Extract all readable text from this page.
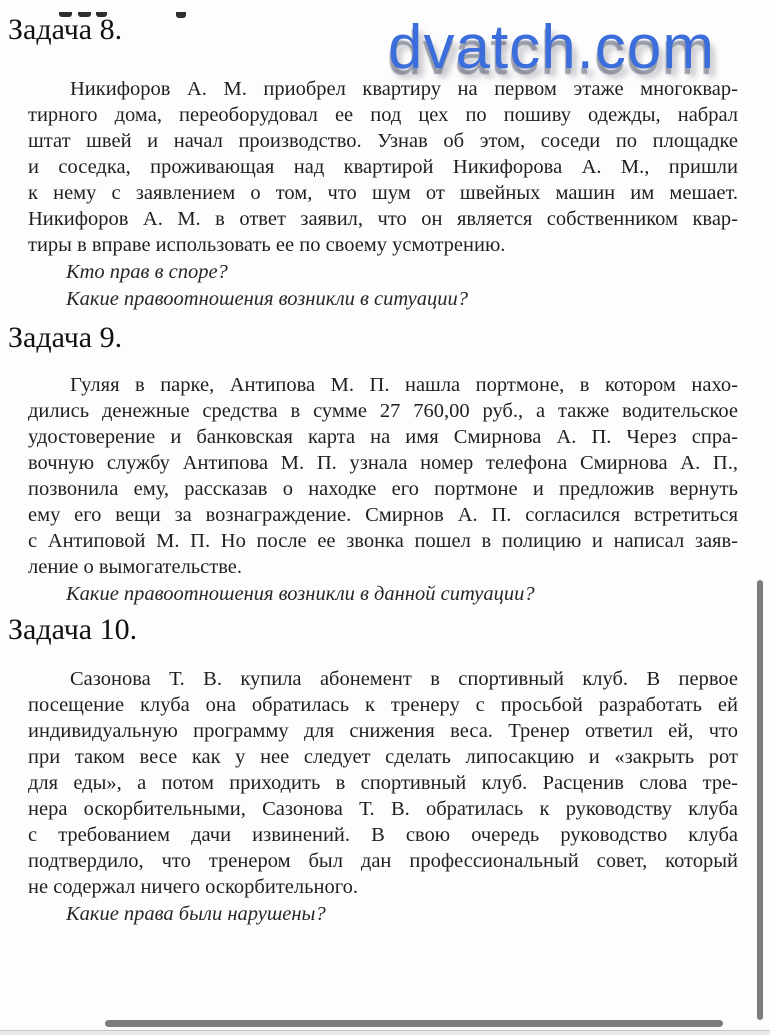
dvatch.com
Задача 8.
Никифоров А. М. приобрел квартиру на первом этаже многоквар-
тирного дома, переоборудовал ее под цех по пошиву одежды, набрал
штат швей и начал производство. Узнав об этом, соседи по площадке
и соседка, проживающая над квартирой Никифорова А. М., пришли
к нему с заявлением о том, что шум от швейных машин им мешает.
Никифоров А. М. в ответ заявил, что он является собственником квар-
тиры в вправе использовать ее по своему усмотрению.
Кто прав в споре?
Какие правоотношения возникли в ситуации?
Задача 9.
Гуляя в парке, Антипова М. П. нашла портмоне, в котором нахо-
дились денежные средства в сумме 27 760,00 руб., а также водительское
удостоверение и банковская карта на имя Смирнова А. П. Через спра-
вочную службу Антипова М. П. узнала номер телефона Смирнова А. П.,
позвонила ему, рассказав о находке его портмоне и предложив вернуть
ему его вещи за вознаграждение. Смирнов А. П. согласился встретиться
с Антиповой М. П. Но после ее звонка пошел в полицию и написал заяв-
ление о вымогательстве.
Какие правоотношения возникли в данной ситуации?
Задача 10.
Сазонова Т. В. купила абонемент в спортивный клуб. В первое
посещение клуба она обратилась к тренеру с просьбой разработать ей
индивидуальную программу для снижения веса. Тренер ответил ей, что
при таком весе как у нее следует сделать липосакцию и «закрыть рот
для еды», а потом приходить в спортивный клуб. Расценив слова тре-
нера оскорбительными, Сазонова Т. В. обратилась к руководству клуба
с требованием дачи извинений. В свою очередь руководство клуба
подтвердило, что тренером был дан профессиональный совет, который
не содержал ничего оскорбительного.
Какие права были нарушены?
